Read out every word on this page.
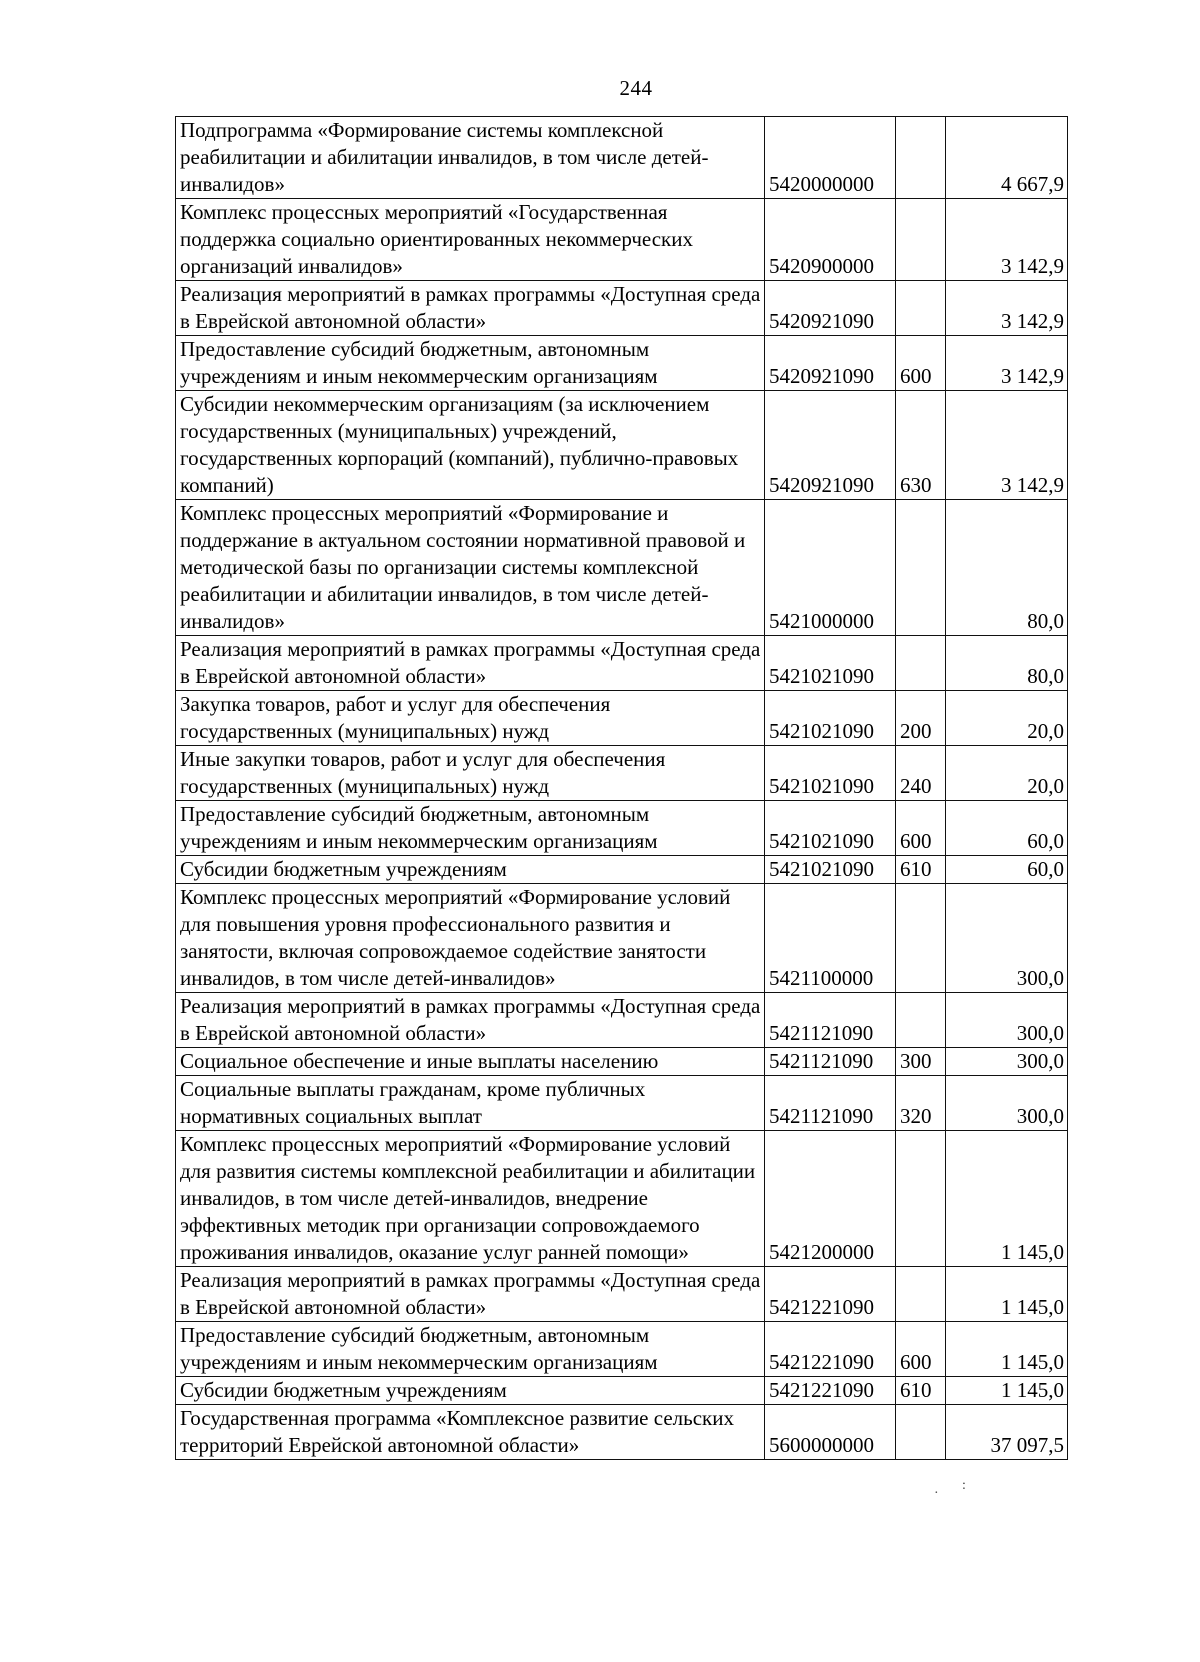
244
Подпрограмма «Формирование системы комплексной реабилитации и абилитации инвалидов, в том числе детей-инвалидов»	5420000000		4 667,9
Комплекс процессных мероприятий «Государственная поддержка социально ориентированных некоммерческих организаций инвалидов»	5420900000		3 142,9
Реализация мероприятий в рамках программы «Доступная среда в Еврейской автономной области»	5420921090		3 142,9
Предоставление субсидий бюджетным, автономным учреждениям и иным некоммерческим организациям	5420921090	600	3 142,9
Субсидии некоммерческим организациям (за исключением государственных (муниципальных) учреждений, государственных корпораций (компаний), публично-правовых компаний)	5420921090	630	3 142,9
Комплекс процессных мероприятий «Формирование и поддержание в актуальном состоянии нормативной правовой и методической базы по организации системы комплексной реабилитации и абилитации инвалидов, в том числе детей-инвалидов»	5421000000		80,0
Реализация мероприятий в рамках программы «Доступная среда в Еврейской автономной области»	5421021090		80,0
Закупка товаров, работ и услуг для обеспечения государственных (муниципальных) нужд	5421021090	200	20,0
Иные закупки товаров, работ и услуг для обеспечения государственных (муниципальных) нужд	5421021090	240	20,0
Предоставление субсидий бюджетным, автономным учреждениям и иным некоммерческим организациям	5421021090	600	60,0
Субсидии бюджетным учреждениям	5421021090	610	60,0
Комплекс процессных мероприятий «Формирование условий для повышения уровня профессионального развития и занятости, включая сопровождаемое содействие занятости инвалидов, в том числе детей-инвалидов»	5421100000		300,0
Реализация мероприятий в рамках программы «Доступная среда в Еврейской автономной области»	5421121090		300,0
Социальное обеспечение и иные выплаты населению	5421121090	300	300,0
Социальные выплаты гражданам, кроме публичных нормативных социальных выплат	5421121090	320	300,0
Комплекс процессных мероприятий «Формирование условий для развития системы комплексной реабилитации и абилитации инвалидов, в том числе детей-инвалидов, внедрение эффективных методик при организации сопровождаемого проживания инвалидов, оказание услуг ранней помощи»	5421200000		1 145,0
Реализация мероприятий в рамках программы «Доступная среда в Еврейской автономной области»	5421221090		1 145,0
Предоставление субсидий бюджетным, автономным учреждениям и иным некоммерческим организациям	5421221090	600	1 145,0
Субсидии бюджетным учреждениям	5421221090	610	1 145,0
Государственная программа «Комплексное развитие сельских территорий Еврейской автономной области»	5600000000		37 097,5
·
:
